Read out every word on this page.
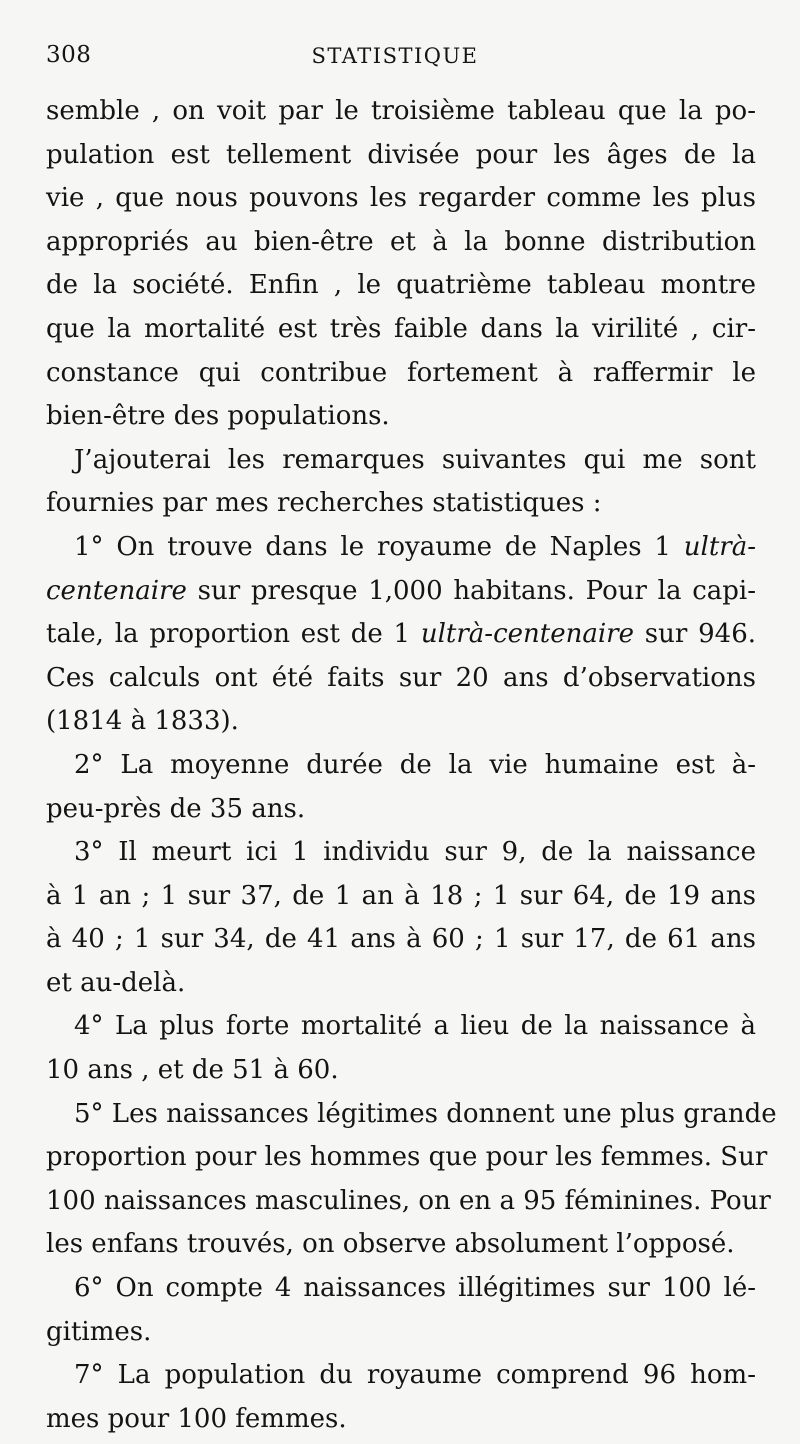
308	STATISTIQUE
semble , on voit par le troisième tableau que la po-
pulation est tellement divisée pour les âges de la
vie , que nous pouvons les regarder comme les plus
appropriés au bien-être et à la bonne distribution
de la société. Enfin , le quatrième tableau montre
que la mortalité est très faible dans la virilité , cir-
constance qui contribue fortement à raffermir le
bien-être des populations.
J’ajouterai les remarques suivantes qui me sont
fournies par mes recherches statistiques :
1° On trouve dans le royaume de Naples 1 ultrà-
centenaire sur presque 1,000 habitans. Pour la capi-
tale, la proportion est de 1 ultrà-centenaire sur 946.
Ces calculs ont été faits sur 20 ans d’observations
(1814 à 1833).
2° La moyenne durée de la vie humaine est à-
peu-près de 35 ans.
3° Il meurt ici 1 individu sur 9, de la naissance
à 1 an ; 1 sur 37, de 1 an à 18 ; 1 sur 64, de 19 ans
à 40 ; 1 sur 34, de 41 ans à 60 ; 1 sur 17, de 61 ans
et au-delà.
4° La plus forte mortalité a lieu de la naissance à
10 ans , et de 51 à 60.
5° Les naissances légitimes donnent une plus grande
proportion pour les hommes que pour les femmes. Sur
100 naissances masculines, on en a 95 féminines. Pour
les enfans trouvés, on observe absolument l’opposé.
6° On compte 4 naissances illégitimes sur 100 lé-
gitimes.
7° La population du royaume comprend 96 hom-
mes pour 100 femmes.
